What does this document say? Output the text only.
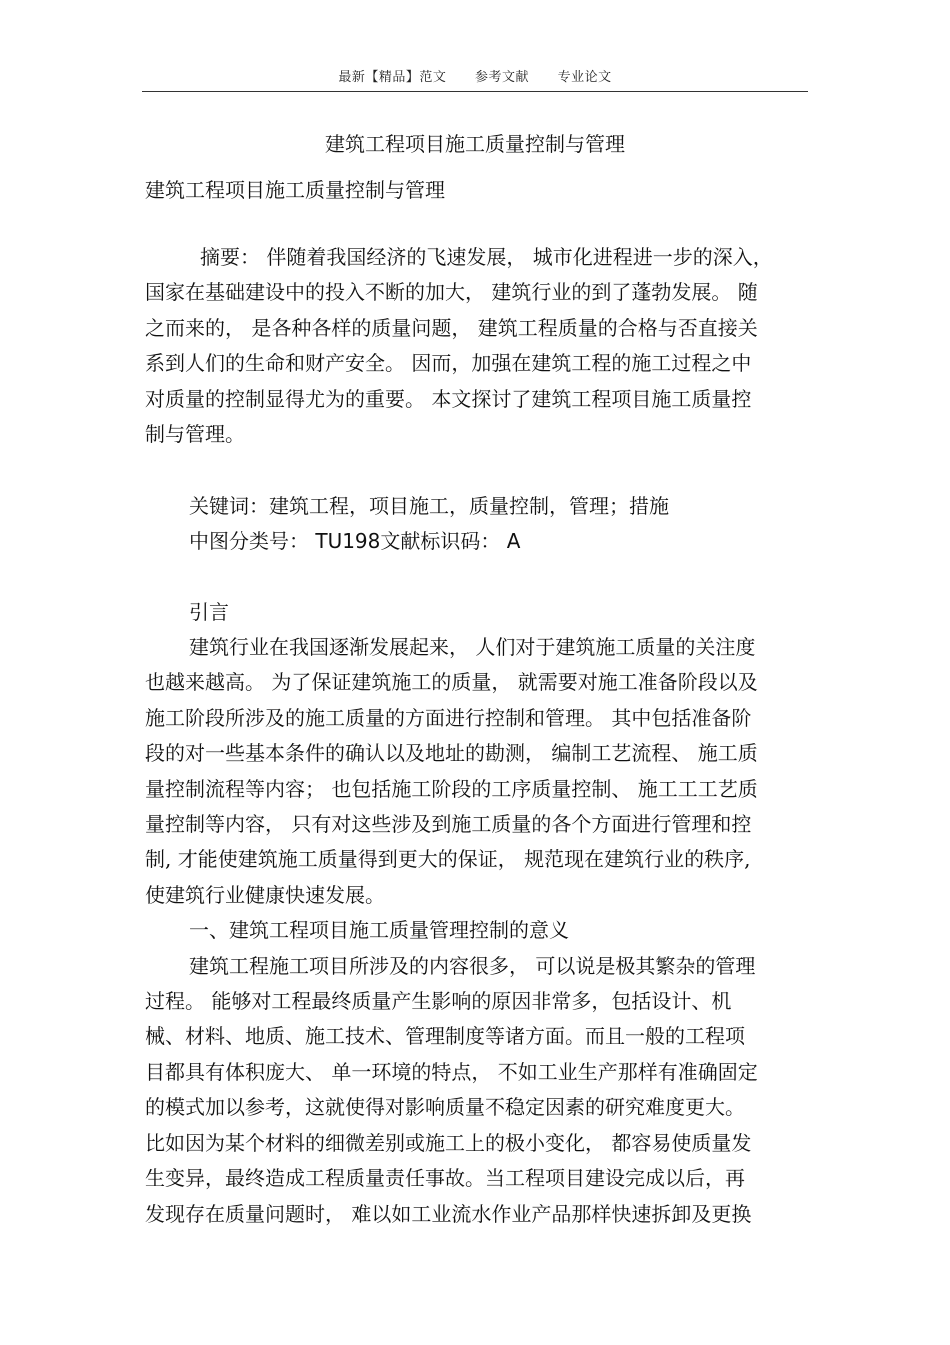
最新【精品】范文 参考文献 专业论文
建筑工程项目施工质量控制与管理
建筑工程项目施工质量控制与管理
摘要： 伴随着我国经济的飞速发展， 城市化进程进一步的深入，
国家在基础建设中的投入不断的加大， 建筑行业的到了蓬勃发展。 随
之而来的， 是各种各样的质量问题， 建筑工程质量的合格与否直接关
系到人们的生命和财产安全。 因而，加强在建筑工程的施工过程之中
对质量的控制显得尤为的重要。 本文探讨了建筑工程项目施工质量控
制与管理。
关键词：建筑工程，项目施工，质量控制，管理；措施
中图分类号： TU198文献标识码： A
引言
建筑行业在我国逐渐发展起来， 人们对于建筑施工质量的关注度
也越来越高。 为了保证建筑施工的质量， 就需要对施工准备阶段以及
施工阶段所涉及的施工质量的方面进行控制和管理。 其中包括准备阶
段的对一些基本条件的确认以及地址的勘测， 编制工艺流程、 施工质
量控制流程等内容； 也包括施工阶段的工序质量控制、 施工工工艺质
量控制等内容， 只有对这些涉及到施工质量的各个方面进行管理和控
制, 才能使建筑施工质量得到更大的保证， 规范现在建筑行业的秩序,
使建筑行业健康快速发展。
一、建筑工程项目施工质量管理控制的意义
建筑工程施工项目所涉及的内容很多， 可以说是极其繁杂的管理
过程。 能够对工程最终质量产生影响的原因非常多，包括设计、机
械、材料、地质、施工技术、管理制度等诸方面。而且一般的工程项
目都具有体积庞大、 单一环境的特点， 不如工业生产那样有准确固定
的模式加以参考，这就使得对影响质量不稳定因素的研究难度更大。
比如因为某个材料的细微差别或施工上的极小变化， 都容易使质量发
生变异，最终造成工程质量责任事故。当工程项目建设完成以后，再
发现存在质量问题时， 难以如工业流水作业产品那样快速拆卸及更换
